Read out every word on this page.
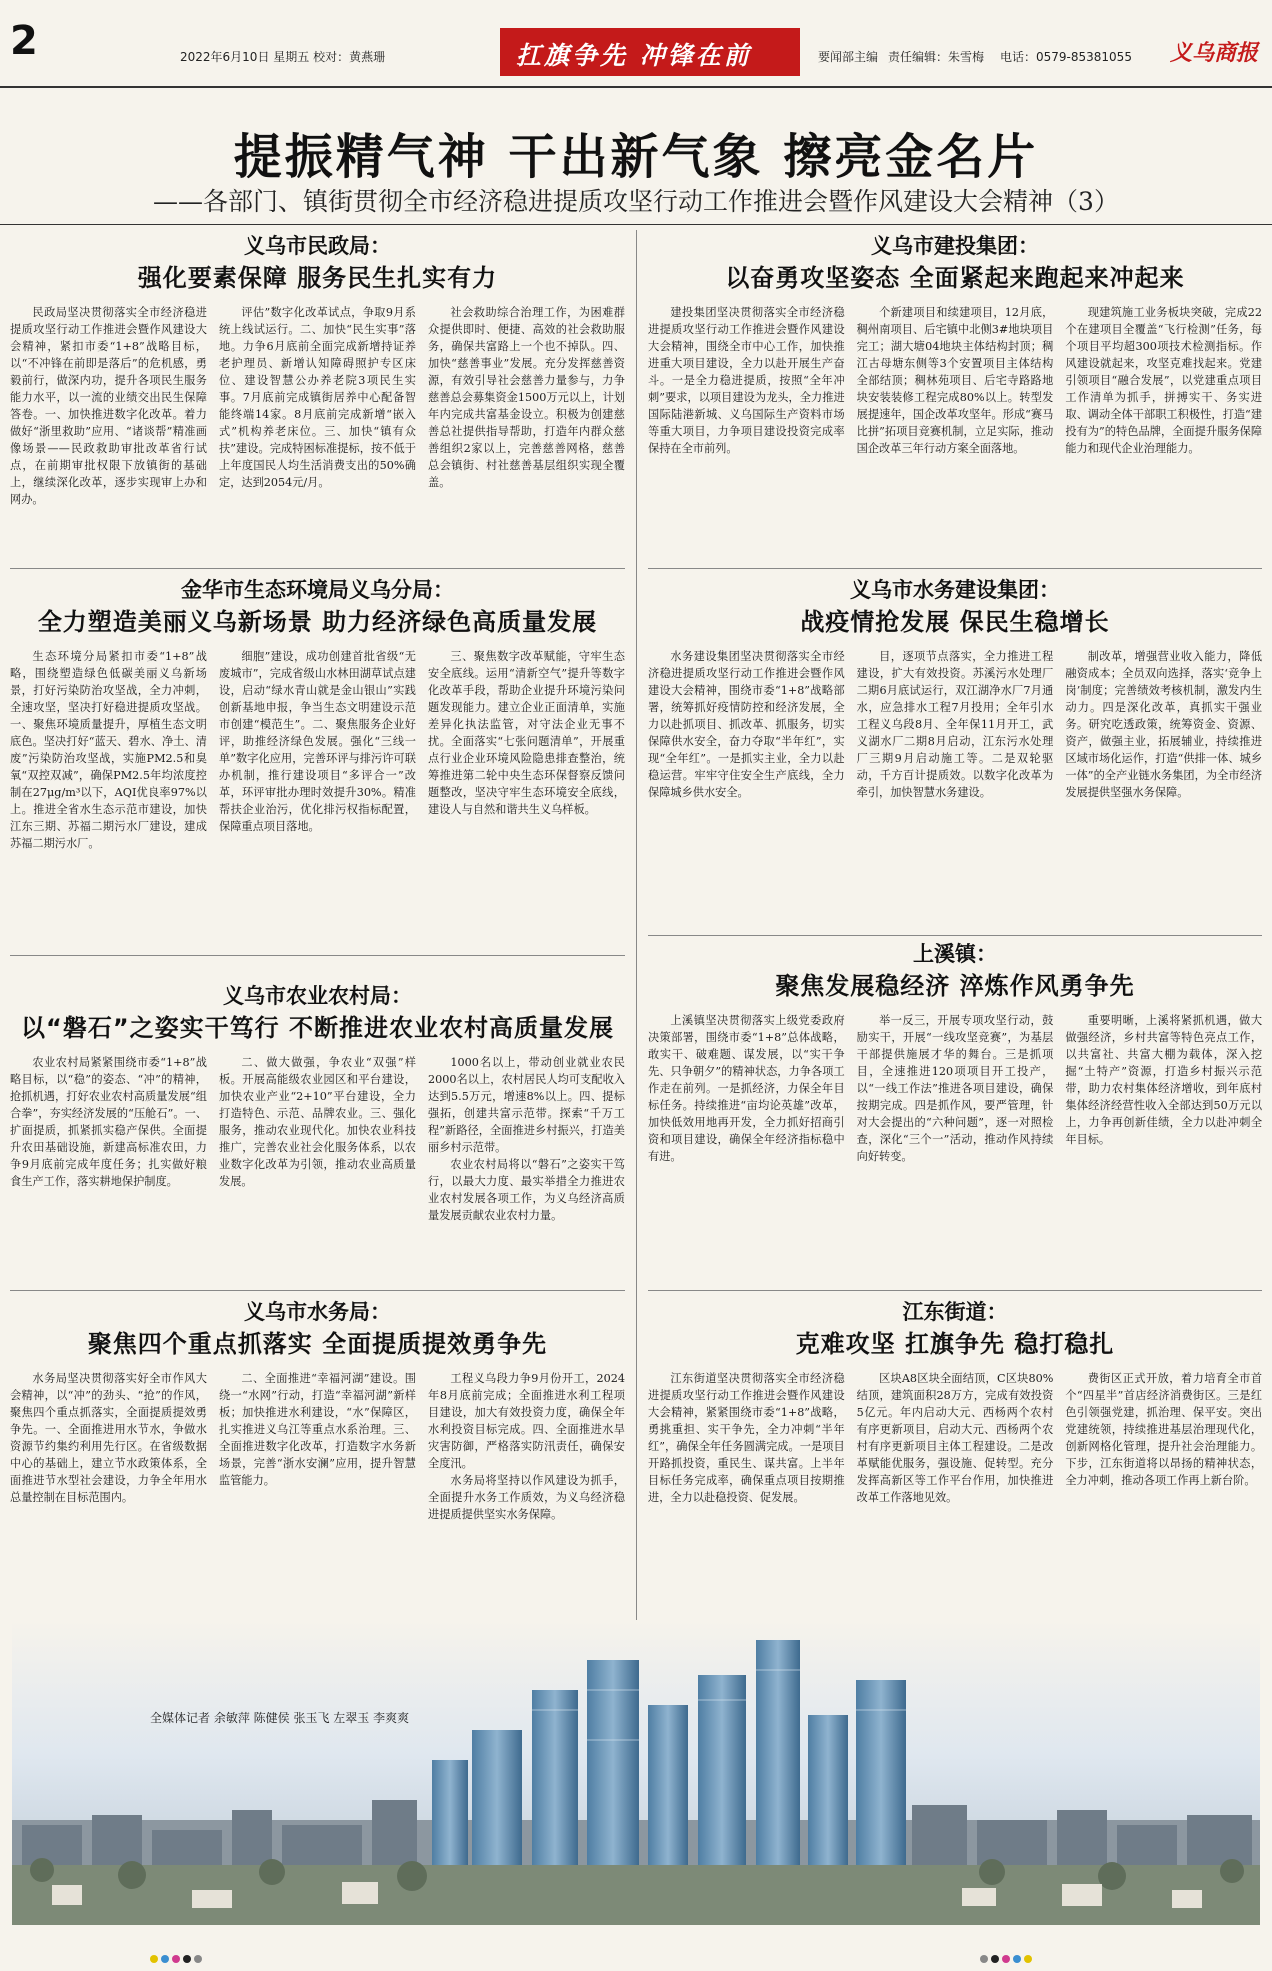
2	2022年6月10日 星期五 校对：黄燕珊	扛旗争先 冲锋在前	要闻部主编 责任编辑：朱雪梅 电话：0579-85381055 义乌商报
提振精气神 干出新气象 擦亮金名片
——各部门、镇街贯彻全市经济稳进提质攻坚行动工作推进会暨作风建设大会精神（3）
义乌市民政局：
强化要素保障 服务民生扎实有力

民政局坚决贯彻落实全市经济稳进提质攻坚行动工作推进会暨作风建设大会精神，紧扣市委“1+8”战略目标，以“不冲锋在前即是落后”的危机感，勇毅前行，做深内功，提升各项民生服务能力水平，以一流的业绩交出民生保障答卷。一、加快推进数字化改革。着力做好“浙里救助”应用、“诸谈帮”精准画像场景——民政救助审批改革省行试点，在前期审批权限下放镇街的基础上，继续深化改革，逐步实现审上办和网办。

评估”数字化改革试点，争取9月系统上线试运行。二、加快“民生实事”落地。力争6月底前全面完成新增持证养老护理员、新增认知障碍照护专区床位、建设智慧公办养老院3项民生实事。7月底前完成镇街居养中心配备智能终端14家。8月底前完成新增“嵌入式”机构养老床位。三、加快“镇有众扶”建设。完成特困标准提标，按不低于上年度国民人均生活消费支出的50%确定，达到2054元/月。

社会救助综合治理工作，为困难群众提供即时、便捷、高效的社会救助服务，确保共富路上一个也不掉队。四、加快“慈善事业”发展。充分发挥慈善资源，有效引导社会慈善力量参与，力争慈善总会募集资金1500万元以上，计划年内完成共富基金设立。积极为创建慈善总社提供指导帮助，打造年内群众慈善组织2家以上，完善慈善网格，慈善总会镇街、村社慈善基层组织实现全覆盖。

义乌市建投集团：
以奋勇攻坚姿态 全面紧起来跑起来冲起来

建投集团坚决贯彻落实全市经济稳进提质攻坚行动工作推进会暨作风建设大会精神，围绕全市中心工作，加快推进重大项目建设，全力以赴开展生产奋斗。一是全力稳进提质，按照“全年冲刺”要求，以项目建设为龙头，全力推进国际陆港新城、义乌国际生产资料市场等重大项目，力争项目建设投资完成率保持在全市前列。

个新建项目和续建项目，12月底，稠州南项目、后宅镇中北侧3#地块项目完工；湖大塘04地块主体结构封顶；稠江古母塘东侧等3个安置项目主体结构全部结顶；稠林苑项目、后宅寺路路地块安装装修工程完成80%以上。转型发展提速年，国企改革攻坚年。形成“赛马比拼”拓项目竞赛机制，立足实际，推动国企改革三年行动方案全面落地。

现建筑施工业务板块突破，完成22个在建项目全覆盖“飞行检测”任务，每个项目平均超300项技术检测指标。作风建设就起来，攻坚克难找起来。党建引领项目“融合发展”，以党建重点项目工作清单为抓手，拼搏实干、务实进取、调动全体干部职工积极性，打造“建投有为”的特色品牌，全面提升服务保障能力和现代企业治理能力。

金华市生态环境局义乌分局：
全力塑造美丽义乌新场景 助力经济绿色高质量发展

生态环境分局紧扣市委“1+8”战略，围绕塑造绿色低碳美丽义乌新场景，打好污染防治攻坚战，全力冲刺，全速攻坚，坚决打好稳进提质攻坚战。一、聚焦环境质量提升，厚植生态文明底色。坚决打好“蓝天、碧水、净土、清废”污染防治攻坚战，实施PM2.5和臭氧“双控双减”，确保PM2.5年均浓度控制在27μg/m³以下，AQI优良率97%以上。推进全省水生态示范市建设，加快江东三期、苏福二期污水厂建设，建成苏福二期污水厂。

细胞”建设，成功创建首批省级“无废城市”，完成省级山水林田湖草试点建设，启动“绿水青山就是金山银山”实践创新基地申报，争当生态文明建设示范市创建“模范生”。二、聚焦服务企业好评，助推经济绿色发展。强化“三线一单”数字化应用，完善环评与排污许可联办机制，推行建设项目“多评合一”改革，环评审批办理时效提升30%。精准帮扶企业治污，优化排污权指标配置，保障重点项目落地。

三、聚焦数字改革赋能，守牢生态安全底线。运用“清新空气”提升等数字化改革手段，帮助企业提升环境污染问题发现能力。建立企业正面清单，实施差异化执法监管，对守法企业无事不扰。全面落实“七张问题清单”，开展重点行业企业环境风险隐患排查整治，统筹推进第二轮中央生态环保督察反馈问题整改，坚决守牢生态环境安全底线，建设人与自然和谐共生义乌样板。

义乌市水务建设集团：
战疫情抢发展 保民生稳增长

水务建设集团坚决贯彻落实全市经济稳进提质攻坚行动工作推进会暨作风建设大会精神，围绕市委“1+8”战略部署，统筹抓好疫情防控和经济发展，全力以赴抓项目、抓改革、抓服务，切实保障供水安全，奋力夺取“半年红”，实现“全年红”。一是抓实主业，全力以赴稳运营。牢牢守住安全生产底线，全力保障城乡供水安全。

目，逐项节点落实，全力推进工程建设，扩大有效投资。苏溪污水处理厂二期6月底试运行，双江湖净水厂7月通水，应急排水工程7月投用；全年引水工程义乌段8月、全年保11月开工，武义湖水厂二期8月启动，江东污水处理厂三期9月启动施工等。二是双轮驱动，千方百计提质效。以数字化改革为牵引，加快智慧水务建设。

制改革，增强营业收入能力，降低融资成本；全员双向选择，落实‘竞争上岗’制度；完善绩效考核机制，激发内生动力。四是深化改革，真抓实干强业务。研究吃透政策，统筹资金、资源、资产，做强主业，拓展辅业，持续推进区域市场化运作，打造“供排一体、城乡一体”的全产业链水务集团，为全市经济发展提供坚强水务保障。

上溪镇：
聚焦发展稳经济 淬炼作风勇争先

上溪镇坚决贯彻落实上级党委政府决策部署，围绕市委“1+8”总体战略，敢实干、破难题、谋发展，以“实干争先、只争朝夕”的精神状态，力争各项工作走在前列。一是抓经济，力保全年目标任务。持续推进“亩均论英雄”改革，加快低效用地再开发，全力抓好招商引资和项目建设，确保全年经济指标稳中有进。

举一反三，开展专项攻坚行动，鼓励实干，开展“一线攻坚竞赛”，为基层干部提供施展才华的舞台。三是抓项目，全速推进120项项目开工投产，以“一线工作法”推进各项目建设，确保按期完成。四是抓作风，要严管理，针对大会提出的“六种问题”，逐一对照检查，深化“三个一”活动，推动作风持续向好转变。

重要明晰，上溪将紧抓机遇，做大做强经济，乡村共富等特色亮点工作，以共富社、共富大棚为载体，深入挖掘“土特产”资源，打造乡村振兴示范带，助力农村集体经济增收，到年底村集体经济经营性收入全部达到50万元以上，力争再创新佳绩，全力以赴冲刺全年目标。

义乌市农业农村局：
以“磐石”之姿实干笃行 不断推进农业农村高质量发展

农业农村局紧紧围绕市委“1+8”战略目标，以“稳”的姿态、“冲”的精神，抢抓机遇，打好农业农村高质量发展“组合拳”，夯实经济发展的“压舱石”。一、扩面提质，抓紧抓实稳产保供。全面提升农田基础设施，新建高标准农田，力争9月底前完成年度任务；扎实做好粮食生产工作，落实耕地保护制度。

二、做大做强，争农业“双强”样板。开展高能级农业园区和平台建设，加快农业产业“2+10”平台建设，全力打造特色、示范、品牌农业。三、强化服务，推动农业现代化。加快农业科技推广，完善农业社会化服务体系，以农业数字化改革为引领，推动农业高质量发展。

1000名以上，带动创业就业农民2000名以上，农村居民人均可支配收入达到5.5万元，增速8%以上。四、提标强拓，创建共富示范带。探索“千万工程”新路径，全面推进乡村振兴，打造美丽乡村示范带。

农业农村局将以“磐石”之姿实干笃行，以最大力度、最实举措全力推进农业农村发展各项工作，为义乌经济高质量发展贡献农业农村力量。

义乌市水务局：
聚焦四个重点抓落实 全面提质提效勇争先

水务局坚决贯彻落实好全市作风大会精神，以“冲”的劲头、“抢”的作风，聚焦四个重点抓落实，全面提质提效勇争先。一、全面推进用水节水，争做水资源节约集约利用先行区。在省级数据中心的基础上，建立节水政策体系，全面推进节水型社会建设，力争全年用水总量控制在目标范围内。

二、全面推进“幸福河湖”建设。围绕一“水网”行动，打造“幸福河湖”新样板；加快推进水利建设，“水”保障区，扎实推进义乌江等重点水系治理。三、全面推进数字化改革，打造数字水务新场景，完善“浙水安澜”应用，提升智慧监管能力。

工程义乌段力争9月份开工，2024年8月底前完成；全面推进水利工程项目建设，加大有效投资力度，确保全年水利投资目标完成。四、全面推进水旱灾害防御，严格落实防汛责任，确保安全度汛。

水务局将坚持以作风建设为抓手，全面提升水务工作质效，为义乌经济稳进提质提供坚实水务保障。

江东街道：
克难攻坚 扛旗争先 稳打稳扎

江东街道坚决贯彻落实全市经济稳进提质攻坚行动工作推进会暨作风建设大会精神，紧紧围绕市委“1+8”战略，勇挑重担、实干争先，全力冲刺“半年红”，确保全年任务圆满完成。一是项目开路抓投资，重民生、谋共富。上半年目标任务完成率，确保重点项目按期推进，全力以赴稳投资、促发展。

区块A8区块全面结顶，C区块80%结顶，建筑面积28万方，完成有效投资5亿元。年内启动大元、西杨两个农村有序更新项目，启动大元、西杨两个农村有序更新项目主体工程建设。二是改革赋能优服务，强设施、促转型。充分发挥高新区等工作平台作用，加快推进改革工作落地见效。

费街区正式开放，着力培育全市首个“四星半”首店经济消费街区。三是红色引领强党建，抓治理、保平安。突出党建统领，持续推进基层治理现代化，创新网格化管理，提升社会治理能力。下步，江东街道将以昂扬的精神状态，全力冲刺，推动各项工作再上新台阶。

全媒体记者 余敏萍 陈健侯 张玉飞 左翠玉 李爽爽
